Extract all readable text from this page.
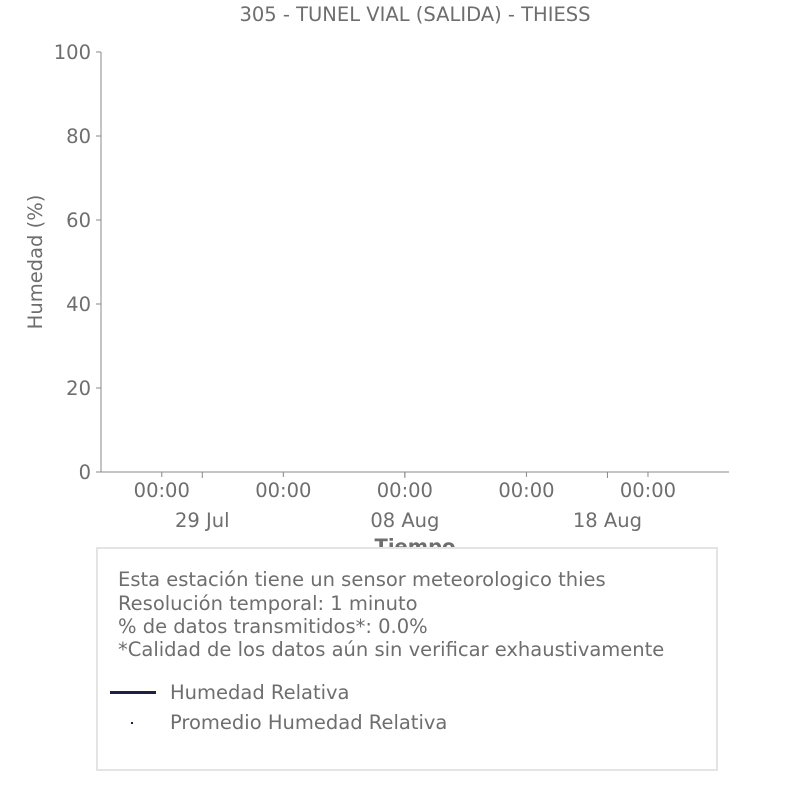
305 - TUNEL VIAL (SALIDA) - THIESS
Humedad (%)
0
20
40
60
80
100
00:00	00:00	00:00	00:00	00:00
29 Jul	08 Aug	18 Aug
Esta estación tiene un sensor meteorologico thies
Resolución temporal: 1 minuto
% de datos transmitidos*: 0.0%
*Calidad de los datos aún sin verificar exhaustivamente
Humedad Relativa
Promedio Humedad Relativa
